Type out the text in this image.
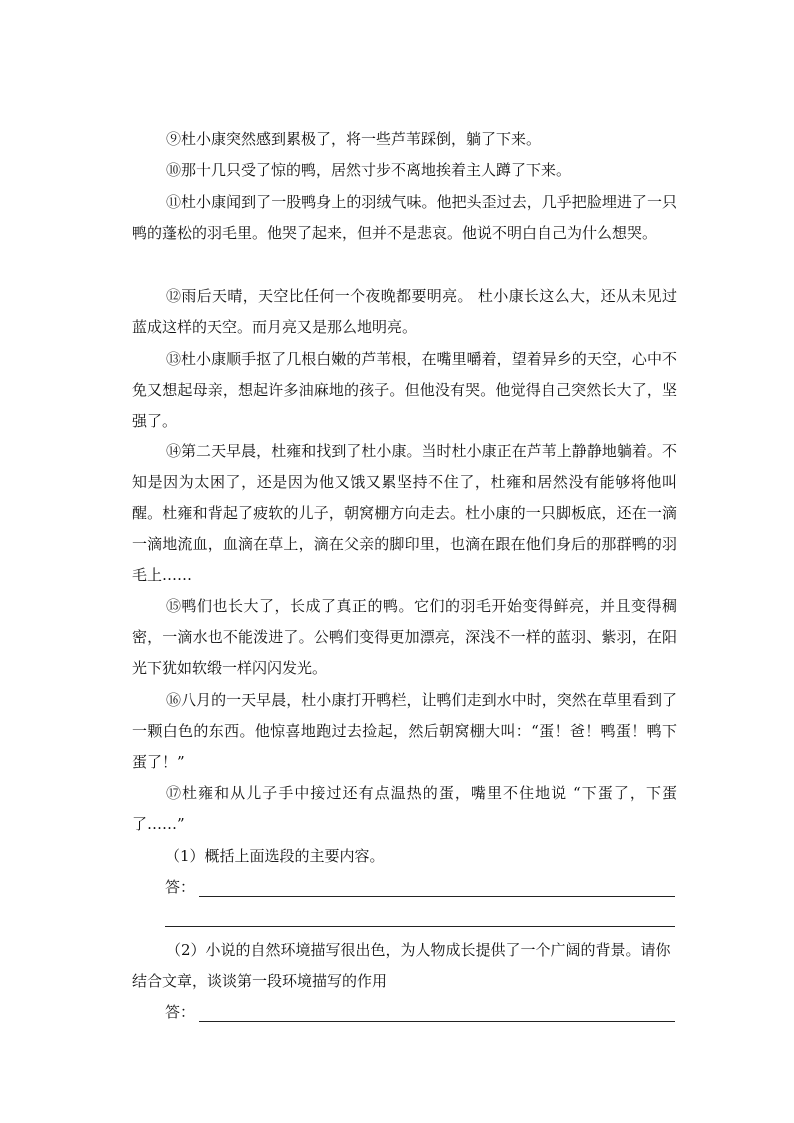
⑨杜小康突然感到累极了，将一些芦苇踩倒，躺了下来。

⑩那十几只受了惊的鸭，居然寸步不离地挨着主人蹲了下来。

⑪杜小康闻到了一股鸭身上的羽绒气味。他把头歪过去，几乎把脸埋进了一只鸭的蓬松的羽毛里。他哭了起来，但并不是悲哀。他说不明白自己为什么想哭。

⑫雨后天晴，天空比任何一个夜晚都要明亮。 杜小康长这么大，还从未见过蓝成这样的天空。而月亮又是那么地明亮。

⑬杜小康顺手抠了几根白嫩的芦苇根，在嘴里嚼着，望着异乡的天空，心中不免又想起母亲，想起许多油麻地的孩子。但他没有哭。他觉得自己突然长大了，坚强了。

⑭第二天早晨，杜雍和找到了杜小康。当时杜小康正在芦苇上静静地躺着。不知是因为太困了，还是因为他又饿又累坚持不住了，杜雍和居然没有能够将他叫醒。杜雍和背起了疲软的儿子，朝窝棚方向走去。杜小康的一只脚板底，还在一滴一滴地流血，血滴在草上，滴在父亲的脚印里，也滴在跟在他们身后的那群鸭的羽毛上……

⑮鸭们也长大了，长成了真正的鸭。它们的羽毛开始变得鲜亮，并且变得稠密，一滴水也不能泼进了。公鸭们变得更加漂亮，深浅不一样的蓝羽、紫羽，在阳光下犹如软缎一样闪闪发光。

⑯八月的一天早晨，杜小康打开鸭栏，让鸭们走到水中时，突然在草里看到了一颗白色的东西。他惊喜地跑过去捡起，然后朝窝棚大叫：“蛋！爸！鸭蛋！鸭下蛋了！”

⑰杜雍和从儿子手中接过还有点温热的蛋，嘴里不住地说 “下蛋了，下蛋了……”

（1）概括上面选段的主要内容。

答：

（2）小说的自然环境描写很出色，为人物成长提供了一个广阔的背景。请你结合文章，谈谈第一段环境描写的作用

答：
